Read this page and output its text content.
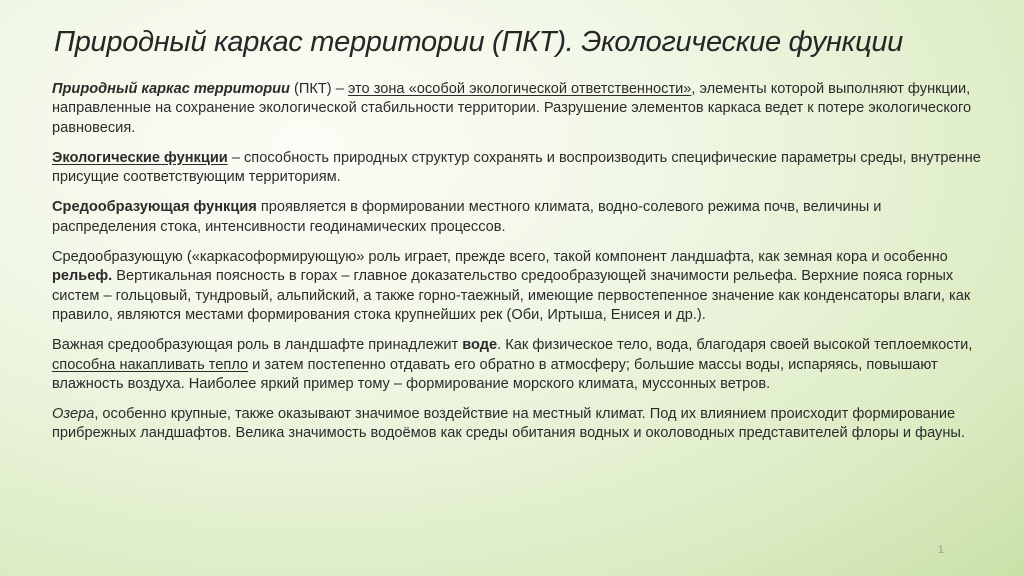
Природный каркас территории (ПКТ). Экологические функции

Природный каркас территории (ПКТ) – это зона «особой экологической ответственности», элементы которой выполняют функции, направленные на сохранение экологической стабильности территории. Разрушение элементов каркаса ведет к потере экологического равновесия.

Экологические функции – способность природных структур сохранять и воспроизводить специфические параметры среды, внутренне присущие соответствующим территориям.

Средообразующая функция проявляется в формировании местного климата, водно-солевого режима почв, величины и распределения стока, интенсивности геодинамических процессов.

Средообразующую («каркасоформирующую» роль играет, прежде всего, такой компонент ландшафта, как земная кора и особенно рельеф. Вертикальная поясность в горах – главное доказательство средообразующей значимости рельефа. Верхние пояса горных систем – гольцовый, тундровый, альпийский, а также горно-таежный, имеющие первостепенное значение как конденсаторы влаги, как правило, являются местами формирования стока крупнейших рек (Оби, Иртыша, Енисея и др.).

Важная средообразующая роль в ландшафте принадлежит воде. Как физическое тело, вода, благодаря своей высокой теплоемкости, способна накапливать тепло и затем постепенно отдавать его обратно в атмосферу; большие массы воды, испаряясь, повышают влажность воздуха. Наиболее яркий пример тому – формирование морского климата, муссонных ветров.

Озера, особенно крупные, также оказывают значимое воздействие на местный климат. Под их влиянием происходит формирование прибрежных ландшафтов. Велика значимость водоёмов как среды обитания водных и околоводных представителей флоры и фауны.

1
